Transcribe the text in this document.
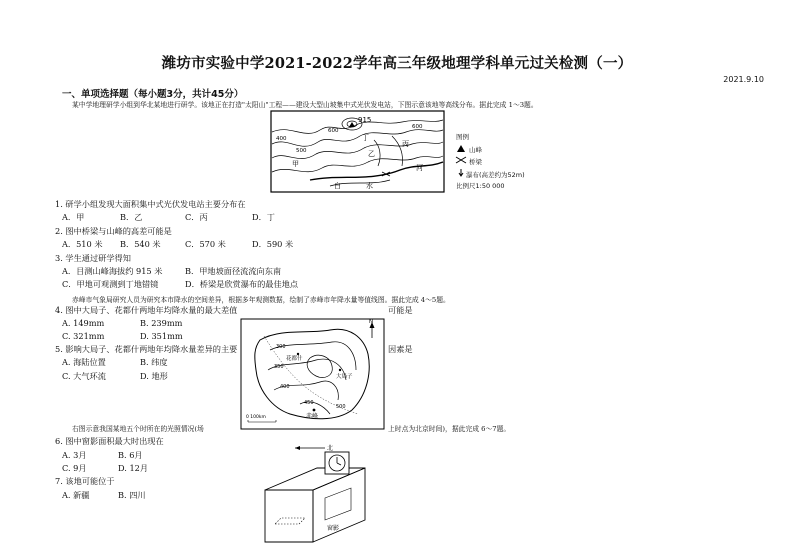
潍坊市实验中学2021-2022学年高三年级地理学科单元过关检测（一）
2021.9.10
一、单项选择题（每小题3分，共计45分）
某中学地理研学小组到华北某地进行研学。该地正在打造"太阳山"工程——建设大型山坡集中式光伏发电站，下图示意该地等高线分布。据此完成 1～3题。
915
400
500
600
600
甲
乙
丙
丁
白	水
河
图例
山峰
桥梁
瀑布(高差约为52m)
比例尺1:50 000
1. 研学小组发现大面积集中式光伏发电站主要分布在
A．甲	B．乙	C．丙	D．丁
2. 图中桥梁与山峰的高差可能是
A．510 米 B．540 米	C．570 米	D．590 米
3. 学生通过研学得知
A．目测山峰海拔约 915 米	B．甲地坡面径流流向东南
C．甲地可观测到丁地错镜	D．桥梁是欣赏瀑布的最佳地点
赤峰市气象局研究人员为研究本市降水的空间差异，根据多年观测数据，绘制了赤峰市年降水量等值线图。据此完成 4～5题。
N
300
350
400
450
500
赤峰
大局子
花都什
0 100km
4. 图中大局子、花都什两地年均降水量的最大差值	可能是
A. 149mm	B. 239mm
C. 321mm	D. 351mm
5. 影响大局子、花都什两地年均降水量差异的主要	因素是
A. 海陆位置	B. 纬度
C. 大气环流	D. 地形
右图示意我国某地五个时所在的光照情况(场	上时点为北京时间)，据此完成 6～7题。
6. 图中窗影面积最大时出现在
A. 3月	B. 6月
C. 9月	D. 12月
7. 该地可能位于
A. 新疆	B. 四川
北
窗影
